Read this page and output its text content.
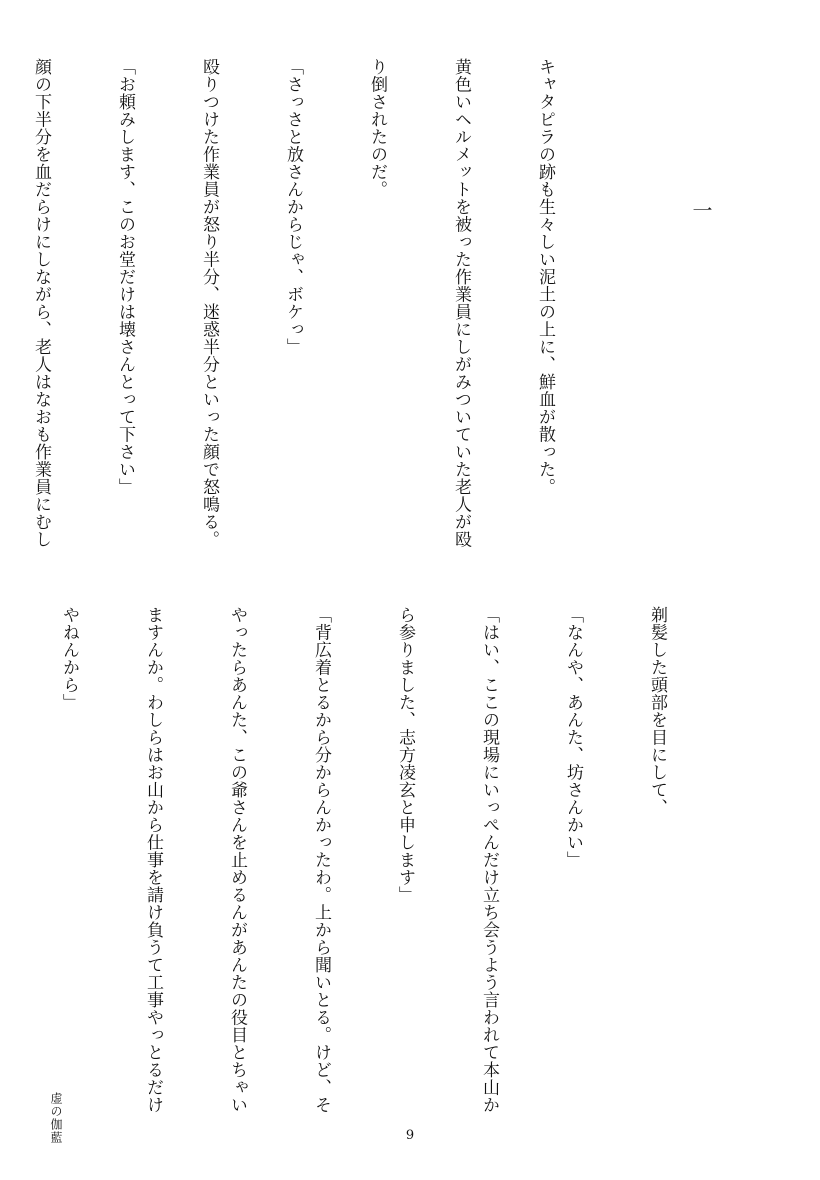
一

キャタピラの跡も生々しい泥土の上に、鮮血が散った。

黄色いヘルメットを被った作業員にしがみついていた老人が殴

り倒されたのだ。

「さっさと放さんからじゃ、ボケっ」

殴りつけた作業員が怒り半分、迷惑半分といった顔で怒鳴る。

「お頼みします、このお堂だけは壊さんとって下さい」

顔の下半分を血だらけにしながら、老人はなおも作業員にむし

剃髪した頭部を目にして、

「なんや、あんた、坊さんかい」

「はい、ここの現場にいっぺんだけ立ち会うよう言われて本山か

ら参りました、志方凌玄と申します」

「背広着とるから分からんかったわ。上から聞いとる。けど、そ

やったらあんた、この爺さんを止めるんがあんたの役目とちゃい

ますんか。わしらはお山から仕事を請け負うて工事やっとるだけ

やねんから」

虚の伽藍	9
